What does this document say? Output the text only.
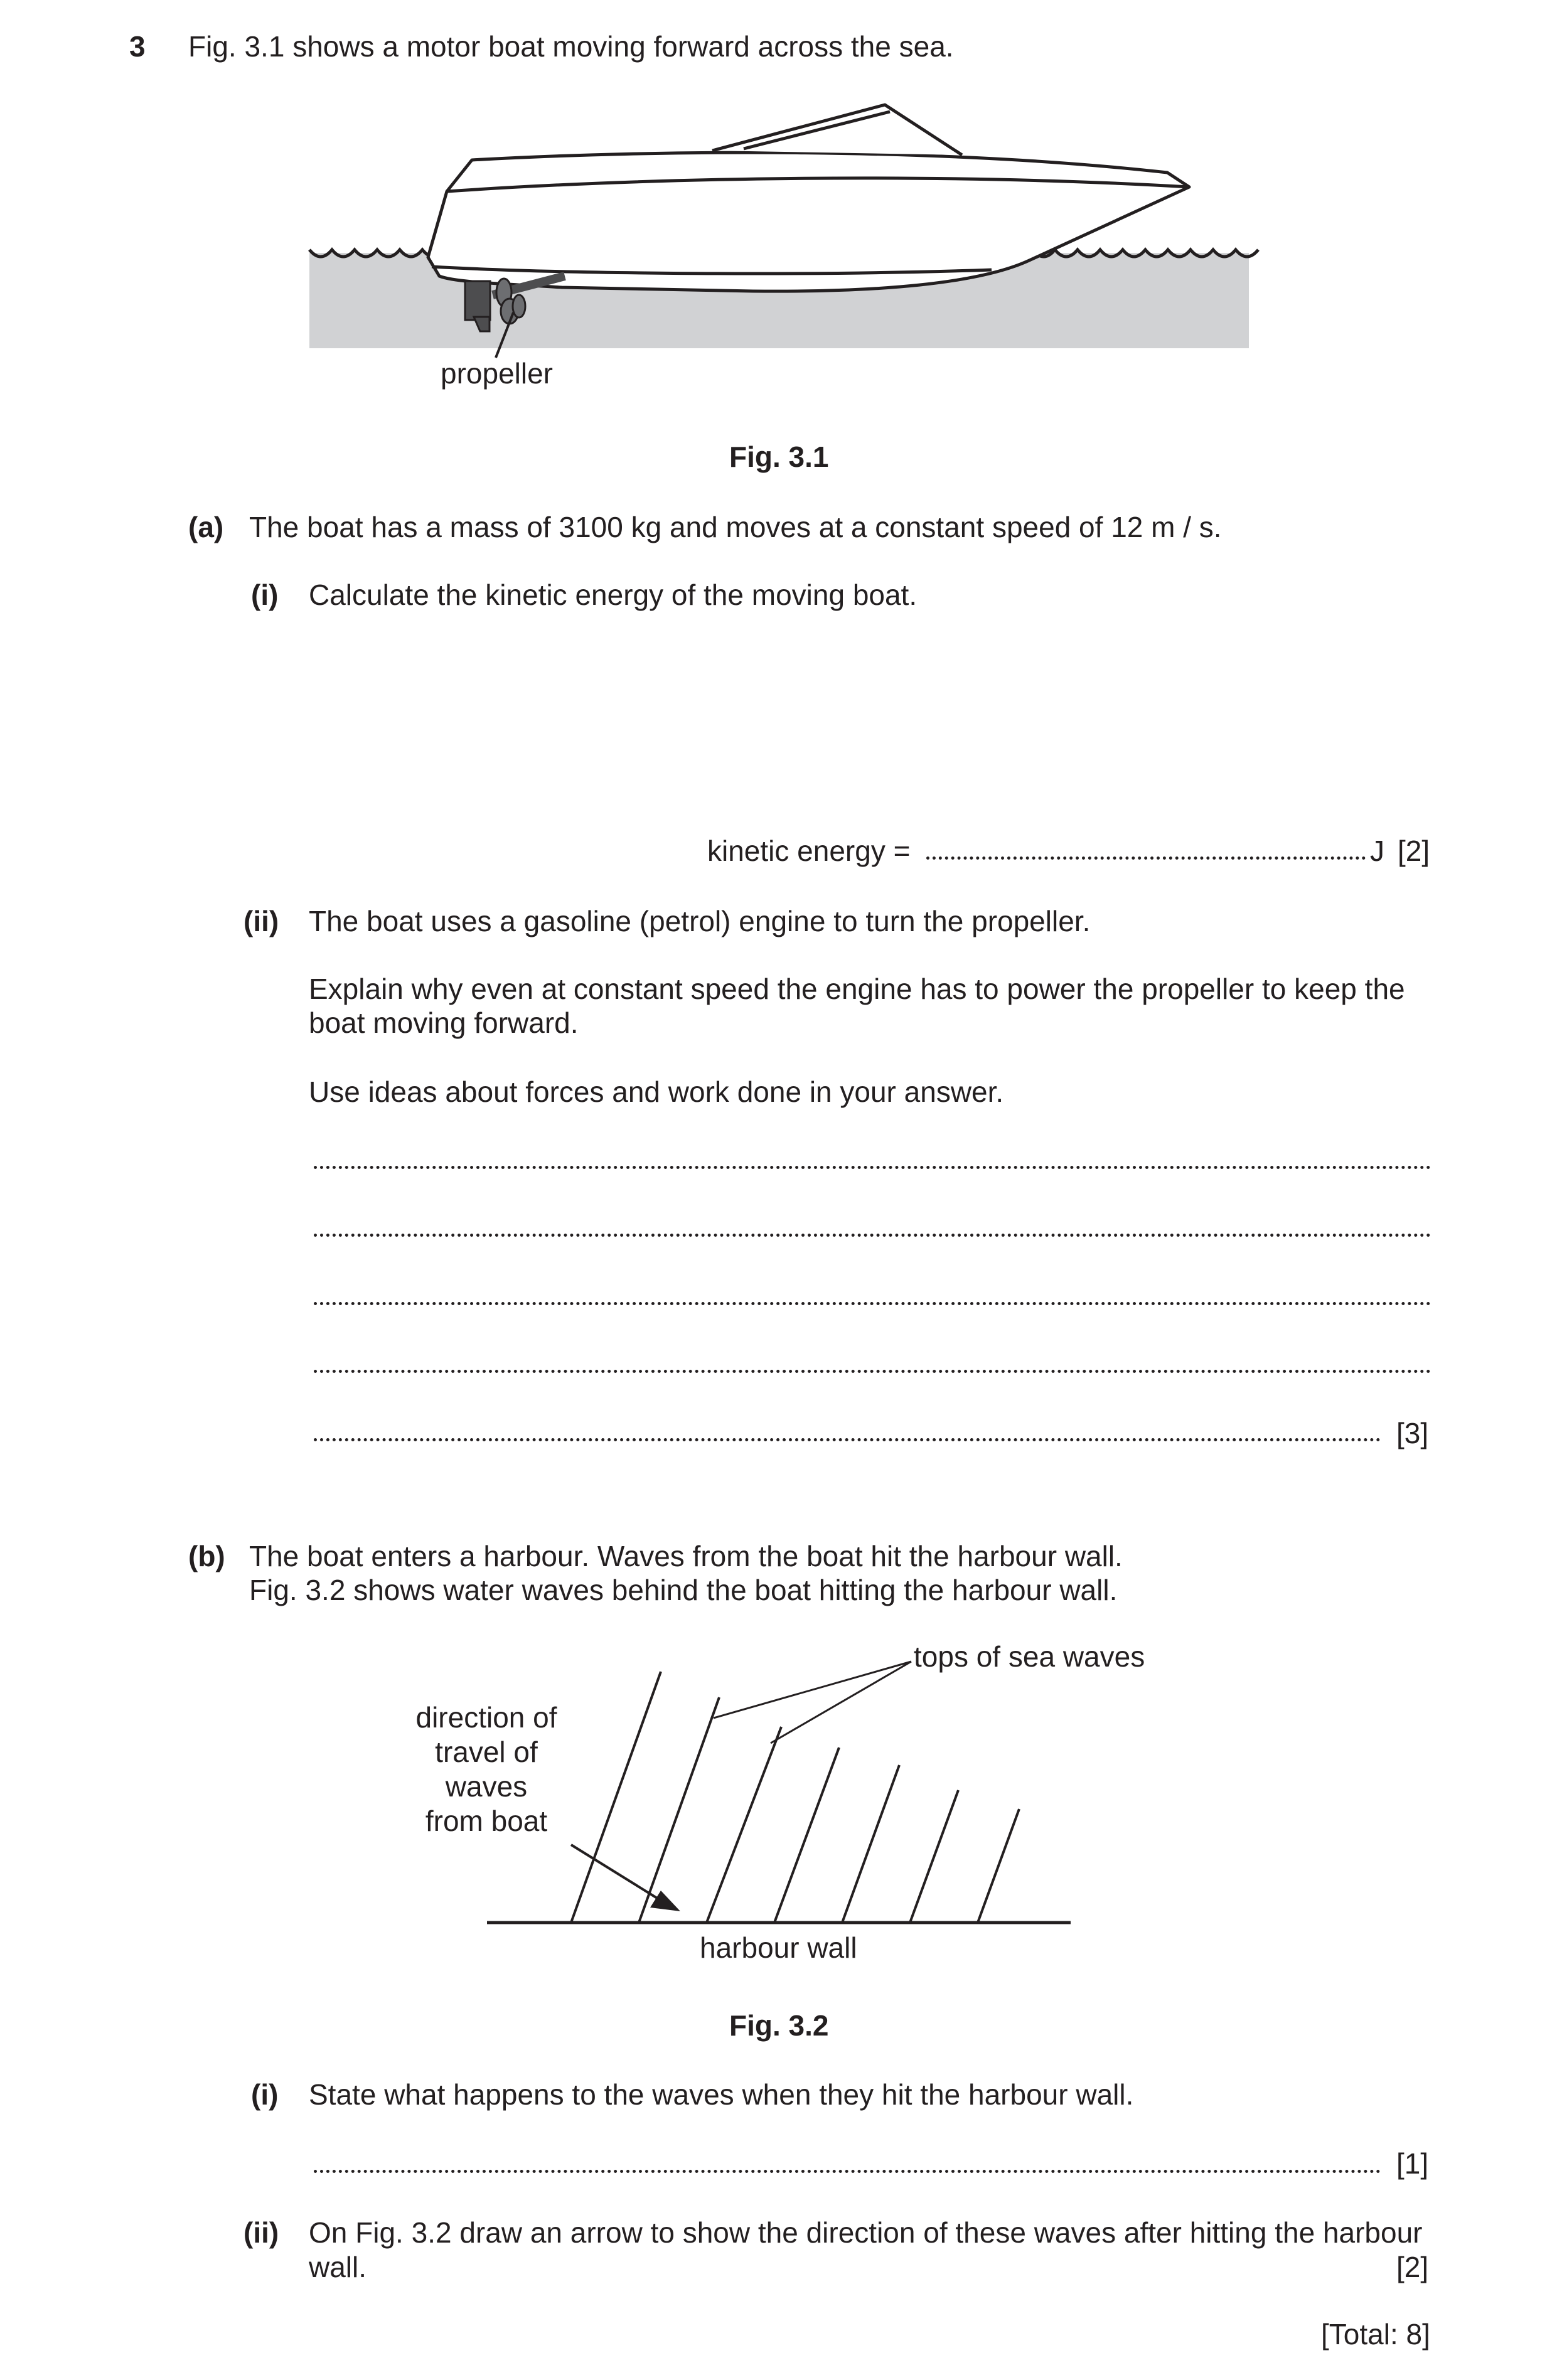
3 Fig. 3.1 shows a motor boat moving forward across the sea.
propeller
Fig. 3.1
(a) The boat has a mass of 3100 kg and moves at a constant speed of 12 m / s.
(i) Calculate the kinetic energy of the moving boat.
kinetic energy =	J [2]
(ii) The boat uses a gasoline (petrol) engine to turn the propeller.
Explain why even at constant speed the engine has to power the propeller to keep the
boat moving forward.
Use ideas about forces and work done in your answer.
[3]
(b) The boat enters a harbour. Waves from the boat hit the harbour wall.
Fig. 3.2 shows water waves behind the boat hitting the harbour wall.
tops of sea waves
direction of
travel of
waves
from boat
harbour wall
Fig. 3.2
(i) State what happens to the waves when they hit the harbour wall.
[1]
(ii) On Fig. 3.2 draw an arrow to show the direction of these waves after hitting the harbour
wall.	[2]
[Total: 8]
